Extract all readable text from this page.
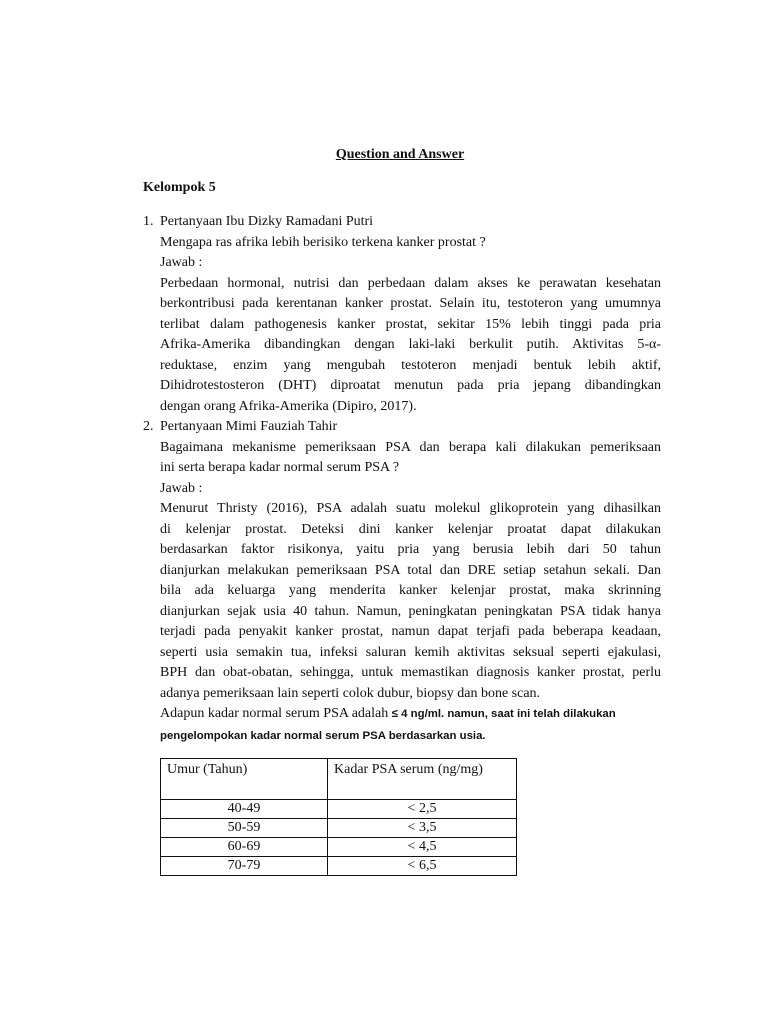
Question and Answer
Kelompok 5
1. Pertanyaan Ibu Dizky Ramadani Putri
Mengapa ras afrika lebih berisiko terkena kanker prostat ?
Jawab :
Perbedaan hormonal, nutrisi dan perbedaan dalam akses ke perawatan kesehatan
berkontribusi pada kerentanan kanker prostat. Selain itu, testoteron yang umumnya
terlibat dalam pathogenesis kanker prostat, sekitar 15% lebih tinggi pada pria
Afrika-Amerika dibandingkan dengan laki-laki berkulit putih. Aktivitas 5-α-
reduktase, enzim yang mengubah testoteron menjadi bentuk lebih aktif,
Dihidrotestosteron (DHT) diproatat menutun pada pria jepang dibandingkan
dengan orang Afrika-Amerika (Dipiro, 2017).
2. Pertanyaan Mimi Fauziah Tahir
Bagaimana mekanisme pemeriksaan PSA dan berapa kali dilakukan pemeriksaan
ini serta berapa kadar normal serum PSA ?
Jawab :
Menurut Thristy (2016), PSA adalah suatu molekul glikoprotein yang dihasilkan
di kelenjar prostat. Deteksi dini kanker kelenjar proatat dapat dilakukan
berdasarkan faktor risikonya, yaitu pria yang berusia lebih dari 50 tahun
dianjurkan melakukan pemeriksaan PSA total dan DRE setiap setahun sekali. Dan
bila ada keluarga yang menderita kanker kelenjar prostat, maka skrinning
dianjurkan sejak usia 40 tahun. Namun, peningkatan peningkatan PSA tidak hanya
terjadi pada penyakit kanker prostat, namun dapat terjafi pada beberapa keadaan,
seperti usia semakin tua, infeksi saluran kemih aktivitas seksual seperti ejakulasi,
BPH dan obat-obatan, sehingga, untuk memastikan diagnosis kanker prostat, perlu
adanya pemeriksaan lain seperti colok dubur, biopsy dan bone scan.
Adapun kadar normal serum PSA adalah ≤ 4 ng/ml. namun, saat ini telah dilakukan
pengelompokan kadar normal serum PSA berdasarkan usia.
Umur (Tahun)	Kadar PSA serum (ng/mg)
40-49	< 2,5
50-59	< 3,5
60-69	< 4,5
70-79	< 6,5
